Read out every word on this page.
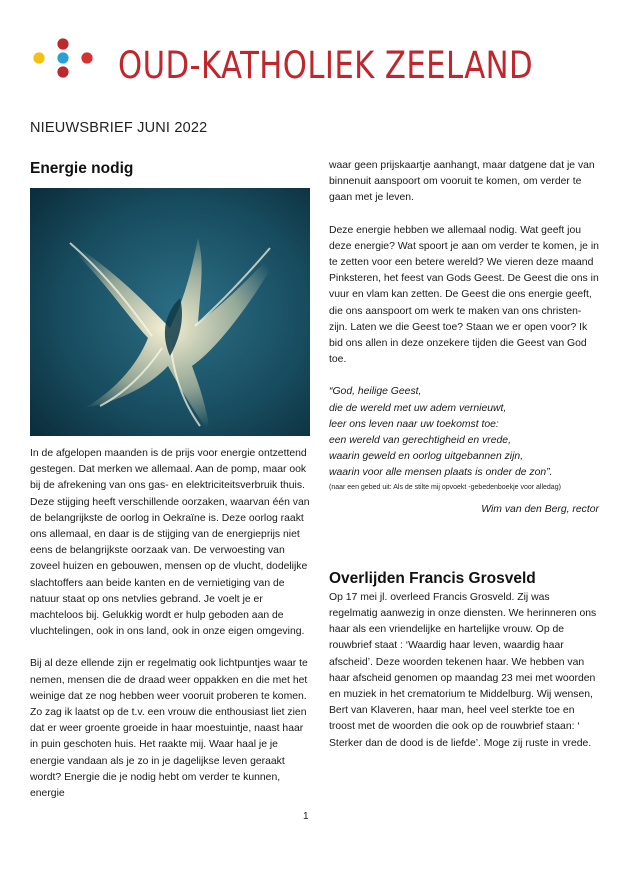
OUD-KATHOLIEK ZEELAND
NIEUWSBRIEF JUNI 2022
Energie nodig

In de afgelopen maanden is de prijs voor energie ontzettend gestegen. Dat merken we allemaal. Aan de pomp, maar ook bij de afrekening van ons gas- en elektriciteitsverbruik thuis. Deze stijging heeft verschillende oorzaken, waarvan één van de belangrijkste de oorlog in Oekraïne is. Deze oorlog raakt ons allemaal, en daar is de stijging van de energieprijs niet eens de belangrijkste oorzaak van. De verwoesting van zoveel huizen en gebouwen, mensen op de vlucht, dodelijke slachtoffers aan beide kanten en de vernietiging van de natuur staat op ons netvlies gebrand. Je voelt je er machteloos bij. Gelukkig wordt er hulp geboden aan de vluchtelingen, ook in ons land, ook in onze eigen omgeving.

Bij al deze ellende zijn er regelmatig ook lichtpuntjes waar te nemen, mensen die de draad weer oppakken en die met het weinige dat ze nog hebben weer vooruit proberen te komen. Zo zag ik laatst op de t.v. een vrouw die enthousiast liet zien dat er weer groente groeide in haar moestuintje, naast haar in puin geschoten huis. Het raakte mij. Waar haal je je energie vandaan als je zo in je dagelijkse leven geraakt wordt? Energie die je nodig hebt om verder te kunnen, energie

waar geen prijskaartje aanhangt, maar datgene dat je van binnenuit aanspoort om vooruit te komen, om verder te gaan met je leven.

Deze energie hebben we allemaal nodig. Wat geeft jou deze energie? Wat spoort je aan om verder te komen, je in te zetten voor een betere wereld? We vieren deze maand Pinksteren, het feest van Gods Geest. De Geest die ons in vuur en vlam kan zetten. De Geest die ons energie geeft, die ons aanspoort om werk te maken van ons christen-zijn. Laten we die Geest toe? Staan we er open voor? Ik bid ons allen in deze onzekere tijden die Geest van God toe.

“God, heilige Geest,
die de wereld met uw adem vernieuwt,
leer ons leven naar uw toekomst toe:
een wereld van gerechtigheid en vrede,
waarin geweld en oorlog uitgebannen zijn,
waarin voor alle mensen plaats is onder de zon”.
(naar een gebed uit: Als de stilte mij opvoekt -gebedenboekje voor alledag)
Wim van den Berg, rector
Overlijden Francis Grosveld

Op 17 mei jl. overleed Francis Grosveld. Zij was regelmatig aanwezig in onze diensten. We herinneren ons haar als een vriendelijke en hartelijke vrouw. Op de rouwbrief staat : ‘Waardig haar leven, waardig haar afscheid’. Deze woorden tekenen haar. We hebben van haar afscheid genomen op maandag 23 mei met woorden en muziek in het crematorium te Middelburg. Wij wensen, Bert van Klaveren, haar man, heel veel sterkte toe en troost met de woorden die ook op de rouwbrief staan: ‘ Sterker dan de dood is de liefde’. Moge zij ruste in vrede.

1
